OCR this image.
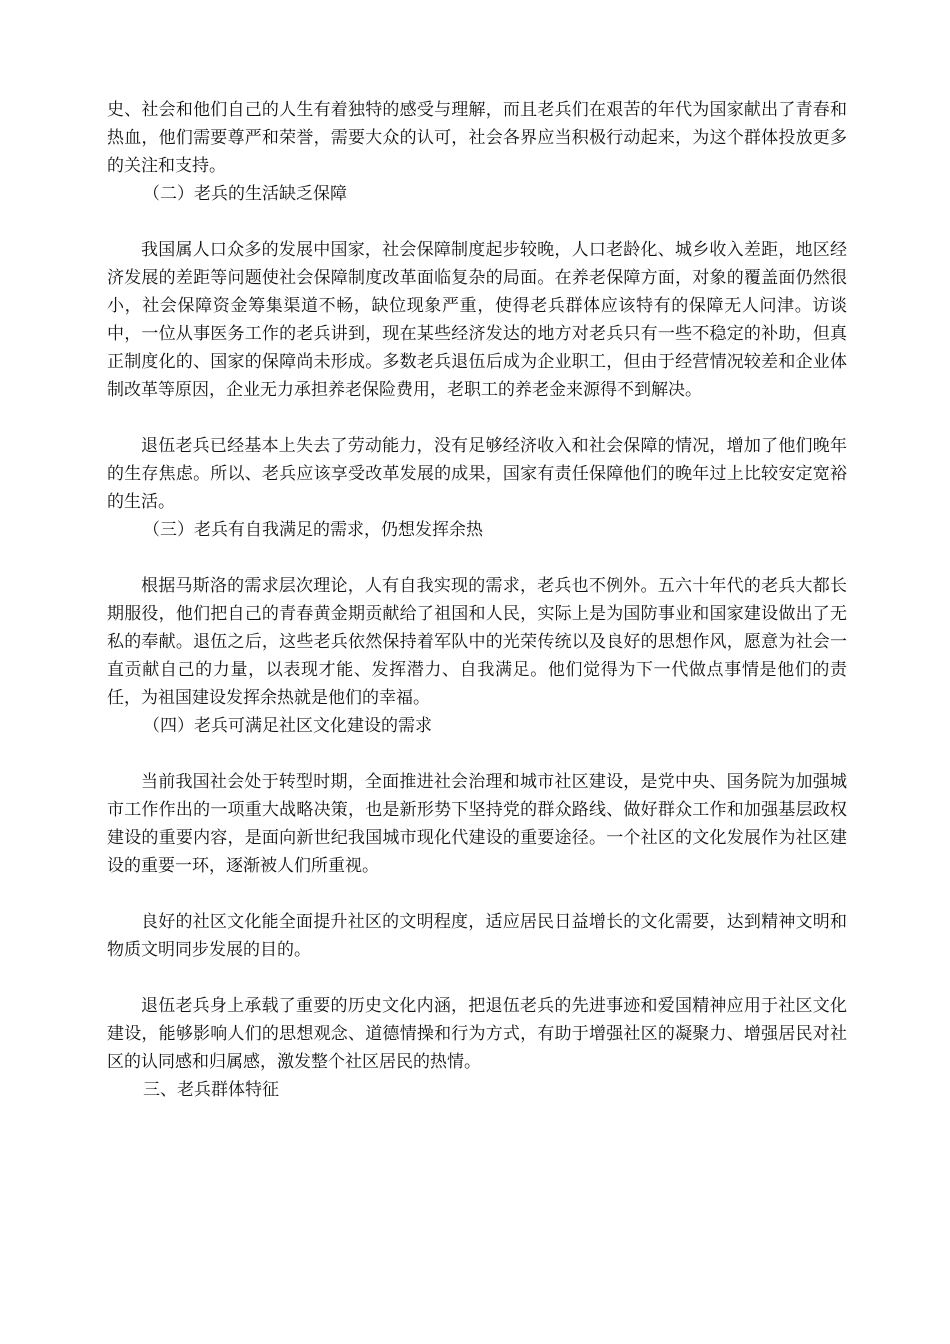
史、社会和他们自己的人生有着独特的感受与理解，而且老兵们在艰苦的年代为国家献出了青春和热血，他们需要尊严和荣誉，需要大众的认可，社会各界应当积极行动起来，为这个群体投放更多的关注和支持。

（二）老兵的生活缺乏保障

我国属人口众多的发展中国家，社会保障制度起步较晚，人口老龄化、城乡收入差距，地区经济发展的差距等问题使社会保障制度改革面临复杂的局面。在养老保障方面，对象的覆盖面仍然很小，社会保障资金筹集渠道不畅，缺位现象严重，使得老兵群体应该特有的保障无人问津。访谈中，一位从事医务工作的老兵讲到，现在某些经济发达的地方对老兵只有一些不稳定的补助，但真正制度化的、国家的保障尚未形成。多数老兵退伍后成为企业职工，但由于经营情况较差和企业体制改革等原因，企业无力承担养老保险费用，老职工的养老金来源得不到解决。

退伍老兵已经基本上失去了劳动能力，没有足够经济收入和社会保障的情况，增加了他们晚年的生存焦虑。所以、老兵应该享受改革发展的成果，国家有责任保障他们的晚年过上比较安定宽裕的生活。

（三）老兵有自我满足的需求，仍想发挥余热

根据马斯洛的需求层次理论，人有自我实现的需求，老兵也不例外。五六十年代的老兵大都长期服役，他们把自己的青春黄金期贡献给了祖国和人民，实际上是为国防事业和国家建设做出了无私的奉献。退伍之后，这些老兵依然保持着军队中的光荣传统以及良好的思想作风，愿意为社会一直贡献自己的力量，以表现才能、发挥潜力、自我满足。他们觉得为下一代做点事情是他们的责任，为祖国建设发挥余热就是他们的幸福。

（四）老兵可满足社区文化建设的需求

当前我国社会处于转型时期，全面推进社会治理和城市社区建设，是党中央、国务院为加强城市工作作出的一项重大战略决策，也是新形势下坚持党的群众路线、做好群众工作和加强基层政权建设的重要内容，是面向新世纪我国城市现化代建设的重要途径。一个社区的文化发展作为社区建设的重要一环，逐渐被人们所重视。

良好的社区文化能全面提升社区的文明程度，适应居民日益增长的文化需要，达到精神文明和物质文明同步发展的目的。

退伍老兵身上承载了重要的历史文化内涵，把退伍老兵的先进事迹和爱国精神应用于社区文化建设，能够影响人们的思想观念、道德情操和行为方式，有助于增强社区的凝聚力、增强居民对社区的认同感和归属感，激发整个社区居民的热情。

三、老兵群体特征
